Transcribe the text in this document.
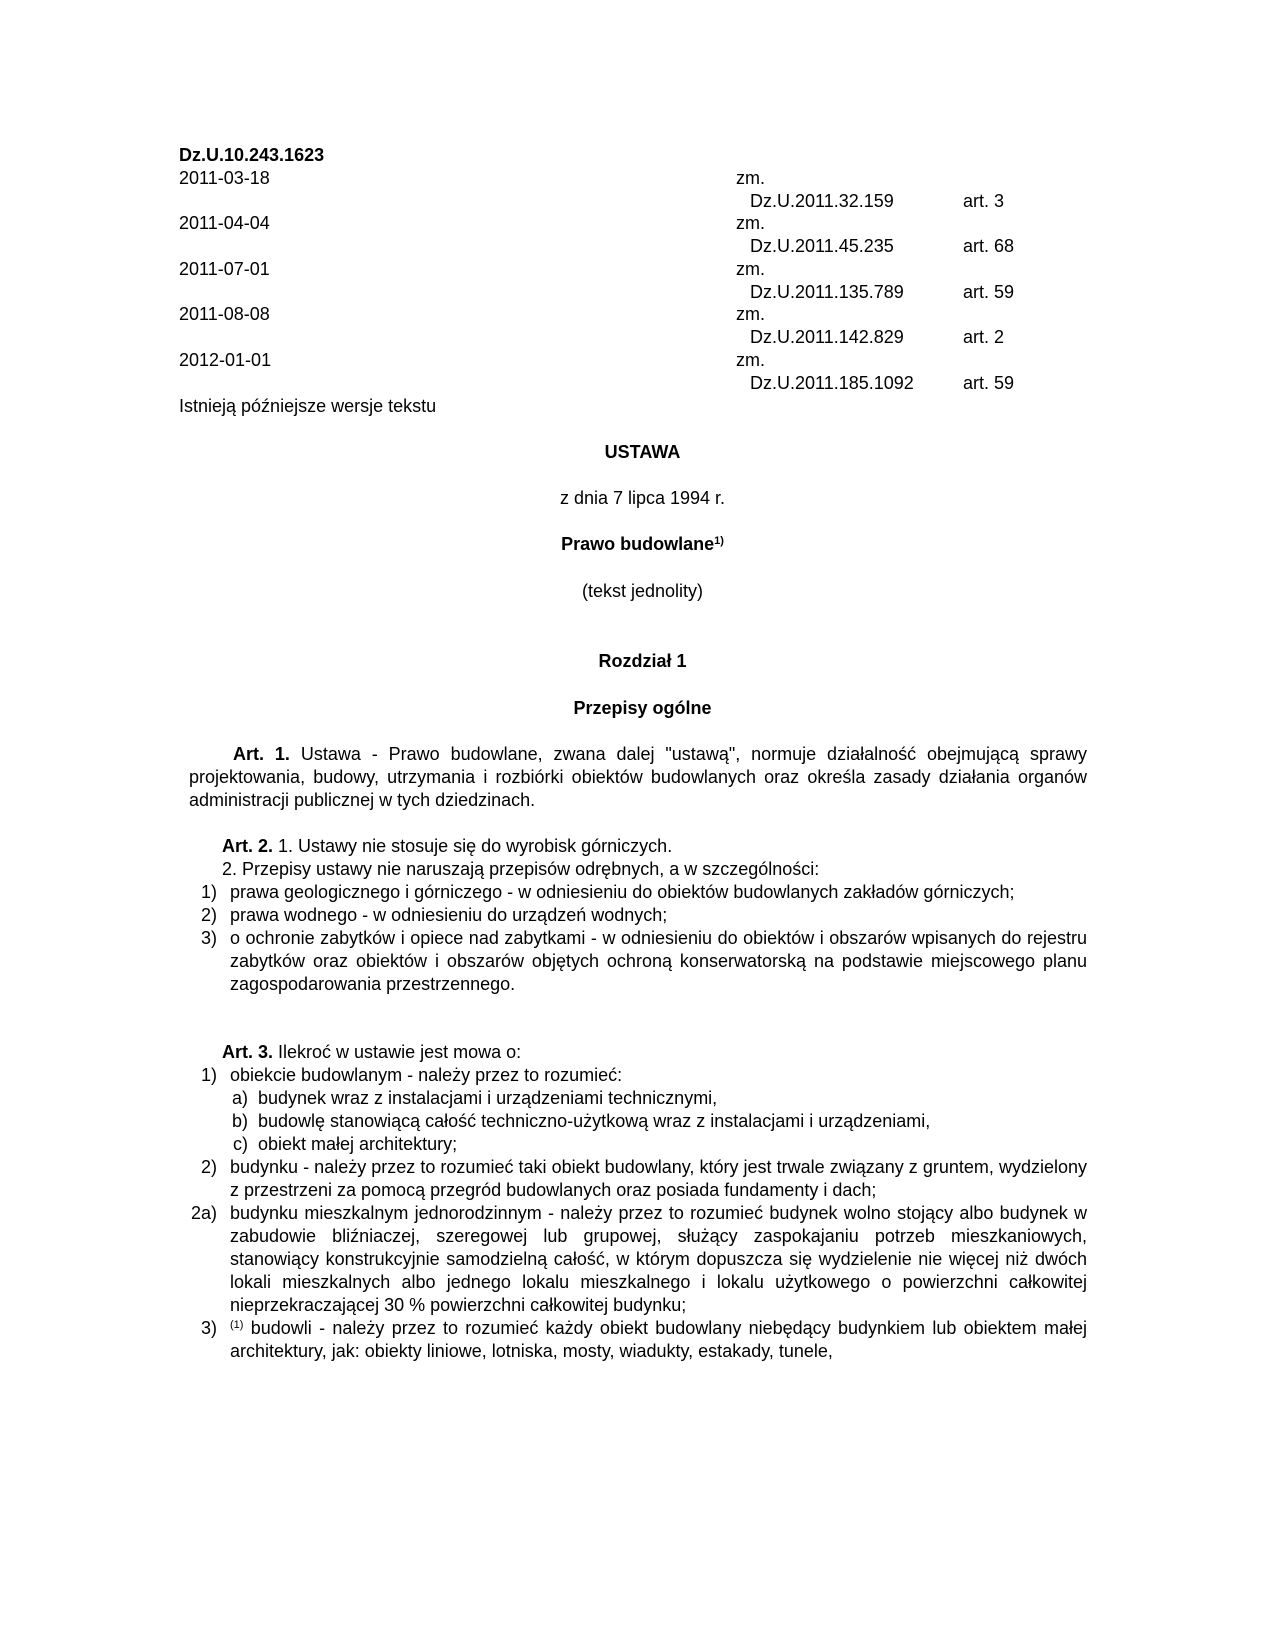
Dz.U.10.243.1623
2011-03-18	zm.
Dz.U.2011.32.159	art. 3
2011-04-04	zm.
Dz.U.2011.45.235	art. 68
2011-07-01	zm.
Dz.U.2011.135.789	art. 59
2011-08-08	zm.
Dz.U.2011.142.829	art. 2
2012-01-01	zm.
Dz.U.2011.185.1092	art. 59
Istnieją późniejsze wersje tekstu
USTAWA
z dnia 7 lipca 1994 r.
Prawo budowlane$^{1)}$
(tekst jednolity)
Rozdział 1
Przepisy ogólne
Art. 1. Ustawa - Prawo budowlane, zwana dalej "ustawą", normuje działalność obejmującą sprawy projektowania, budowy, utrzymania i rozbiórki obiektów budowlanych oraz określa zasady działania organów administracji publicznej w tych dziedzinach.
Art. 2. 1. Ustawy nie stosuje się do wyrobisk górniczych.
2. Przepisy ustawy nie naruszają przepisów odrębnych, a w szczególności:
1) prawa geologicznego i górniczego - w odniesieniu do obiektów budowlanych zakładów górniczych;
2) prawa wodnego - w odniesieniu do urządzeń wodnych;
3) o ochronie zabytków i opiece nad zabytkami - w odniesieniu do obiektów i obszarów wpisanych do rejestru zabytków oraz obiektów i obszarów objętych ochroną konserwatorską na podstawie miejscowego planu zagospodarowania przestrzennego.
Art. 3. Ilekroć w ustawie jest mowa o:
1) obiekcie budowlanym - należy przez to rozumieć:
a) budynek wraz z instalacjami i urządzeniami technicznymi,
b) budowlę stanowiącą całość techniczno-użytkową wraz z instalacjami i urządzeniami,
c) obiekt małej architektury;
2) budynku - należy przez to rozumieć taki obiekt budowlany, który jest trwale związany z gruntem, wydzielony z przestrzeni za pomocą przegród budowlanych oraz posiada fundamenty i dach;
2a) budynku mieszkalnym jednorodzinnym - należy przez to rozumieć budynek wolno stojący albo budynek w zabudowie bliźniaczej, szeregowej lub grupowej, służący zaspokajaniu potrzeb mieszkaniowych, stanowiący konstrukcyjnie samodzielną całość, w którym dopuszcza się wydzielenie nie więcej niż dwóch lokali mieszkalnych albo jednego lokalu mieszkalnego i lokalu użytkowego o powierzchni całkowitej nieprzekraczającej 30 % powierzchni całkowitej budynku;
3) $^{(1)}$ budowli - należy przez to rozumieć każdy obiekt budowlany niebędący budynkiem lub obiektem małej architektury, jak: obiekty liniowe, lotniska, mosty, wiadukty, estakady, tunele,
